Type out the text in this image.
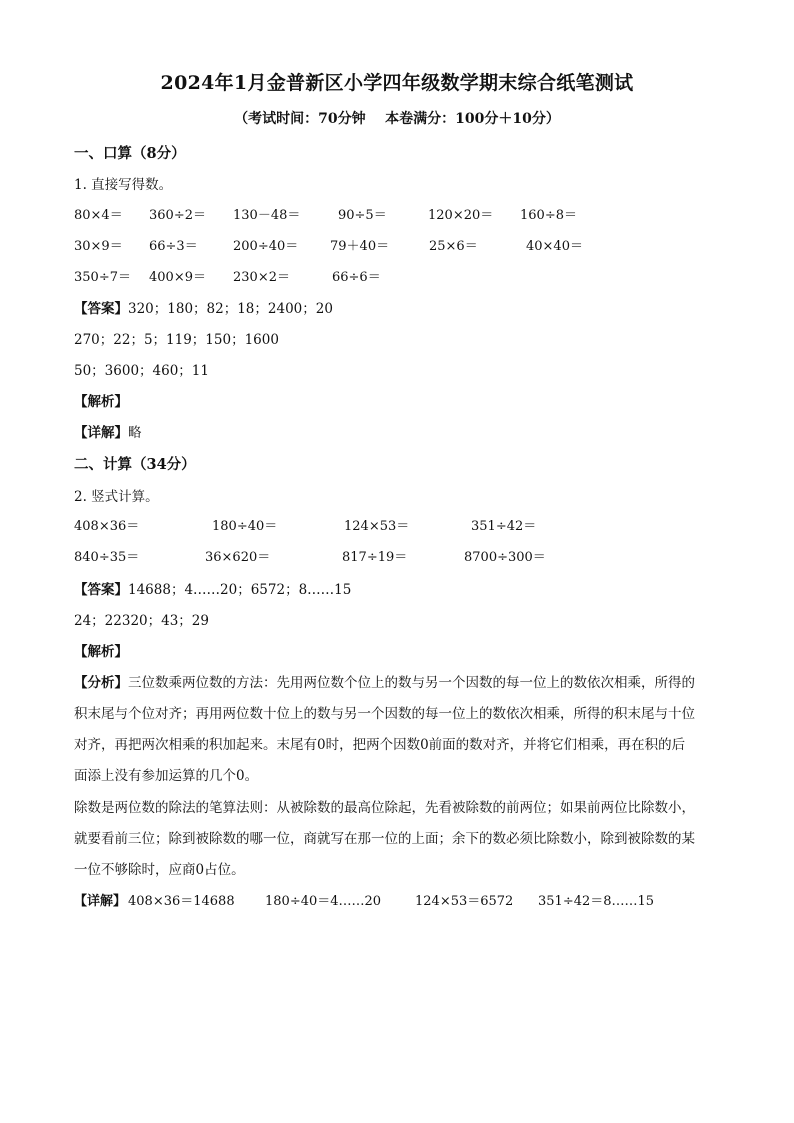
2024年1月金普新区小学四年级数学期末综合纸笔测试
（考试时间：70分钟    本卷满分：100分＋10分）
一、口算（8分）
1. 直接写得数。
80×4＝ 360÷2＝ 130－48＝	90÷5＝	120×20＝ 160÷8＝
30×9＝ 66÷3＝	200÷40＝ 79＋40＝	25×6＝	40×40＝
350÷7＝ 400×9＝ 230×2＝	66÷6＝
【答案】320；180；82；18；2400；20
270；22；5；119；150；1600
50；3600；460；11
【解析】
【详解】略
二、计算（34分）
2. 竖式计算。
408×36＝	180÷40＝	124×53＝	351÷42＝
840÷35＝	36×620＝	817÷19＝	8700÷300＝
【答案】14688；4……20；6572；8……15
24；22320；43；29
【解析】
【分析】三位数乘两位数的方法：先用两位数个位上的数与另一个因数的每一位上的数依次相乘，所得的
积末尾与个位对齐；再用两位数十位上的数与另一个因数的每一位上的数依次相乘，所得的积末尾与十位
对齐，再把两次相乘的积加起来。末尾有0时，把两个因数0前面的数对齐，并将它们相乘，再在积的后
面添上没有参加运算的几个0。
除数是两位数的除法的笔算法则：从被除数的最高位除起，先看被除数的前两位；如果前两位比除数小，
就要看前三位；除到被除数的哪一位，商就写在那一位的上面；余下的数必须比除数小，除到被除数的某
一位不够除时，应商0占位。
【详解】 408×36＝14688 180÷40＝4……20	124×53＝6572 351÷42＝8……15
